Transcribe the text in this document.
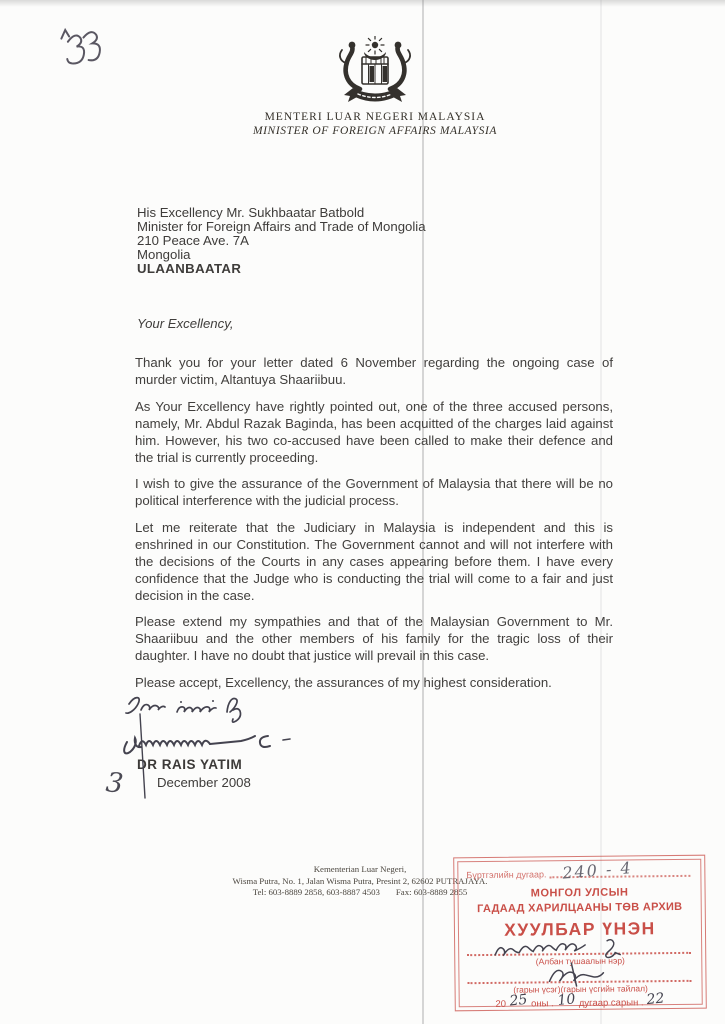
MENTERI LUAR NEGERI MALAYSIA
MINISTER OF FOREIGN AFFAIRS MALAYSIA
His Excellency Mr. Sukhbaatar Batbold
Minister for Foreign Affairs and Trade of Mongolia
210 Peace Ave. 7A
Mongolia
ULAANBAATAR
Your Excellency,

Thank you for your letter dated 6 November regarding the ongoing case of murder victim, Altantuya Shaariibuu.

As Your Excellency have rightly pointed out, one of the three accused persons, namely, Mr. Abdul Razak Baginda, has been acquitted of the charges laid against him. However, his two co-accused have been called to make their defence and the trial is currently proceeding.

I wish to give the assurance of the Government of Malaysia that there will be no political interference with the judicial process.

Let me reiterate that the Judiciary in Malaysia is independent and this is enshrined in our Constitution. The Government cannot and will not interfere with the decisions of the Courts in any cases appearing before them. I have every confidence that the Judge who is conducting the trial will come to a fair and just decision in the case.

Please extend my sympathies and that of the Malaysian Government to Mr. Shaariibuu and the other members of his family for the tragic loss of their daughter. I have no doubt that justice will prevail in this case.

Please accept, Excellency, the assurances of my highest consideration.

DR RAIS YATIM
3 December 2008
Kementerian Luar Negeri,
Wisma Putra, No. 1, Jalan Wisma Putra, Presint 2, 62602 PUTRAJAYA.
Tel: 603-8889 2858, 603-8887 4503 Fax: 603-8889 2855
Бүртгэлийн дугаар. 240 - 4
МОНГОЛ УЛСЫН
ГАДААД ХАРИЛЦААНЫ ТӨВ АРХИВ
ХУУЛБАР ҮНЭН
(Албан тушаалын нэр)
(гарын үсэг)(гарын үсгийн тайлал)
20 25 оны . 10 дугаар сарын . 22
